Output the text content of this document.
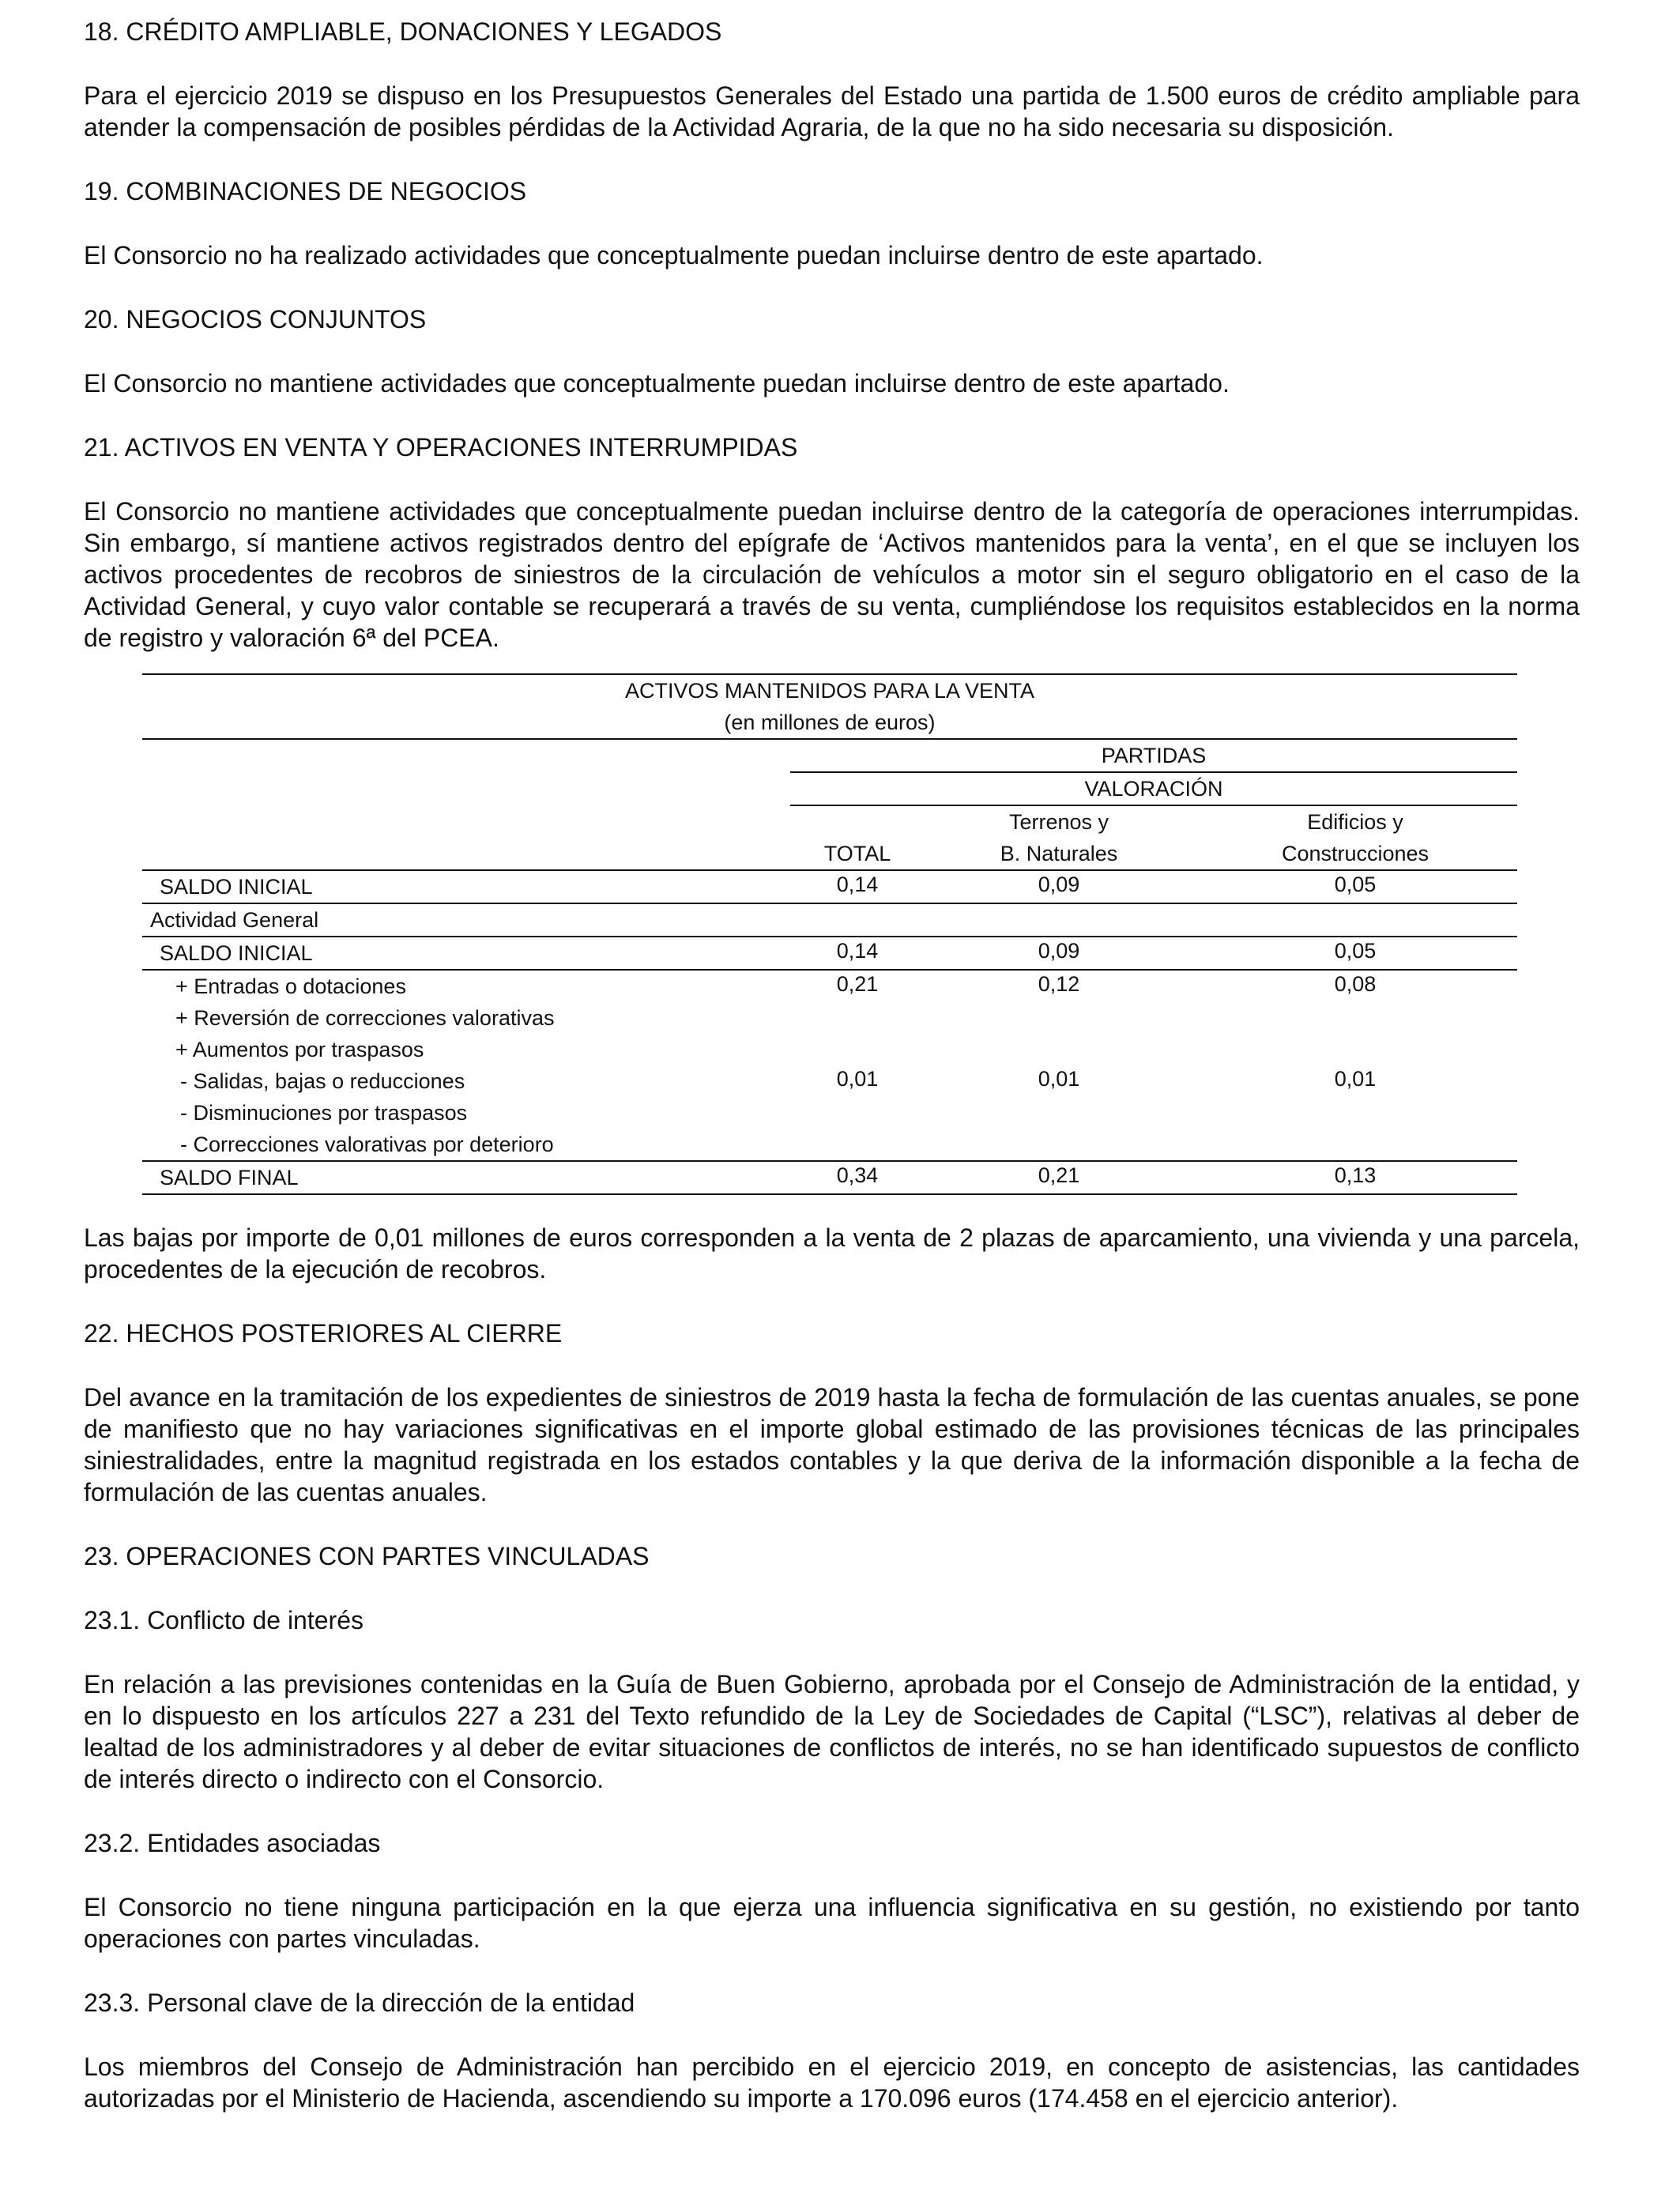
18. CRÉDITO AMPLIABLE, DONACIONES Y LEGADOS
Para el ejercicio 2019 se dispuso en los Presupuestos Generales del Estado una partida de 1.500 euros de crédito ampliable para atender la compensación de posibles pérdidas de la Actividad Agraria, de la que no ha sido necesaria su disposición.
19. COMBINACIONES DE NEGOCIOS
El Consorcio no ha realizado actividades que conceptualmente puedan incluirse dentro de este apartado.
20. NEGOCIOS CONJUNTOS
El Consorcio no mantiene actividades que conceptualmente puedan incluirse dentro de este apartado.
21. ACTIVOS EN VENTA Y OPERACIONES INTERRUMPIDAS
El Consorcio no mantiene actividades que conceptualmente puedan incluirse dentro de la categoría de operaciones interrumpidas. Sin embargo, sí mantiene activos registrados dentro del epígrafe de ‘Activos mantenidos para la venta’, en el que se incluyen los activos procedentes de recobros de siniestros de la circulación de vehículos a motor sin el seguro obligatorio en el caso de la Actividad General, y cuyo valor contable se recuperará a través de su venta, cumpliéndose los requisitos establecidos en la norma de registro y valoración 6ª del PCEA.
ACTIVOS MANTENIDOS PARA LA VENTA			
(en millones de euros)			
	PARTIDAS		
	VALORACIÓN		
		Terrenos y	Edificios y
	TOTAL	B. Naturales	Construcciones
SALDO INICIAL	0,14	0,09	0,05
Actividad General			
SALDO INICIAL	0,14	0,09	0,05
+ Entradas o dotaciones	0,21	0,12	0,08
+ Reversión de correcciones valorativas			
+ Aumentos por traspasos			
- Salidas, bajas o reducciones	0,01	0,01	0,01
- Disminuciones por traspasos			
- Correcciones valorativas por deterioro			
SALDO FINAL	0,34	0,21	0,13
Las bajas por importe de 0,01 millones de euros corresponden a la venta de 2 plazas de aparcamiento, una vivienda y una parcela, procedentes de la ejecución de recobros.
22. HECHOS POSTERIORES AL CIERRE
Del avance en la tramitación de los expedientes de siniestros de 2019 hasta la fecha de formulación de las cuentas anuales, se pone de manifiesto que no hay variaciones significativas en el importe global estimado de las provisiones técnicas de las principales siniestralidades, entre la magnitud registrada en los estados contables y la que deriva de la información disponible a la fecha de formulación de las cuentas anuales.
23. OPERACIONES CON PARTES VINCULADAS
23.1. Conflicto de interés
En relación a las previsiones contenidas en la Guía de Buen Gobierno, aprobada por el Consejo de Administración de la entidad, y en lo dispuesto en los artículos 227 a 231 del Texto refundido de la Ley de Sociedades de Capital (“LSC”), relativas al deber de lealtad de los administradores y al deber de evitar situaciones de conflictos de interés, no se han identificado supuestos de conflicto de interés directo o indirecto con el Consorcio.
23.2. Entidades asociadas
El Consorcio no tiene ninguna participación en la que ejerza una influencia significativa en su gestión, no existiendo por tanto operaciones con partes vinculadas.
23.3. Personal clave de la dirección de la entidad
Los miembros del Consejo de Administración han percibido en el ejercicio 2019, en concepto de asistencias, las cantidades autorizadas por el Ministerio de Hacienda, ascendiendo su importe a 170.096 euros (174.458 en el ejercicio anterior).
